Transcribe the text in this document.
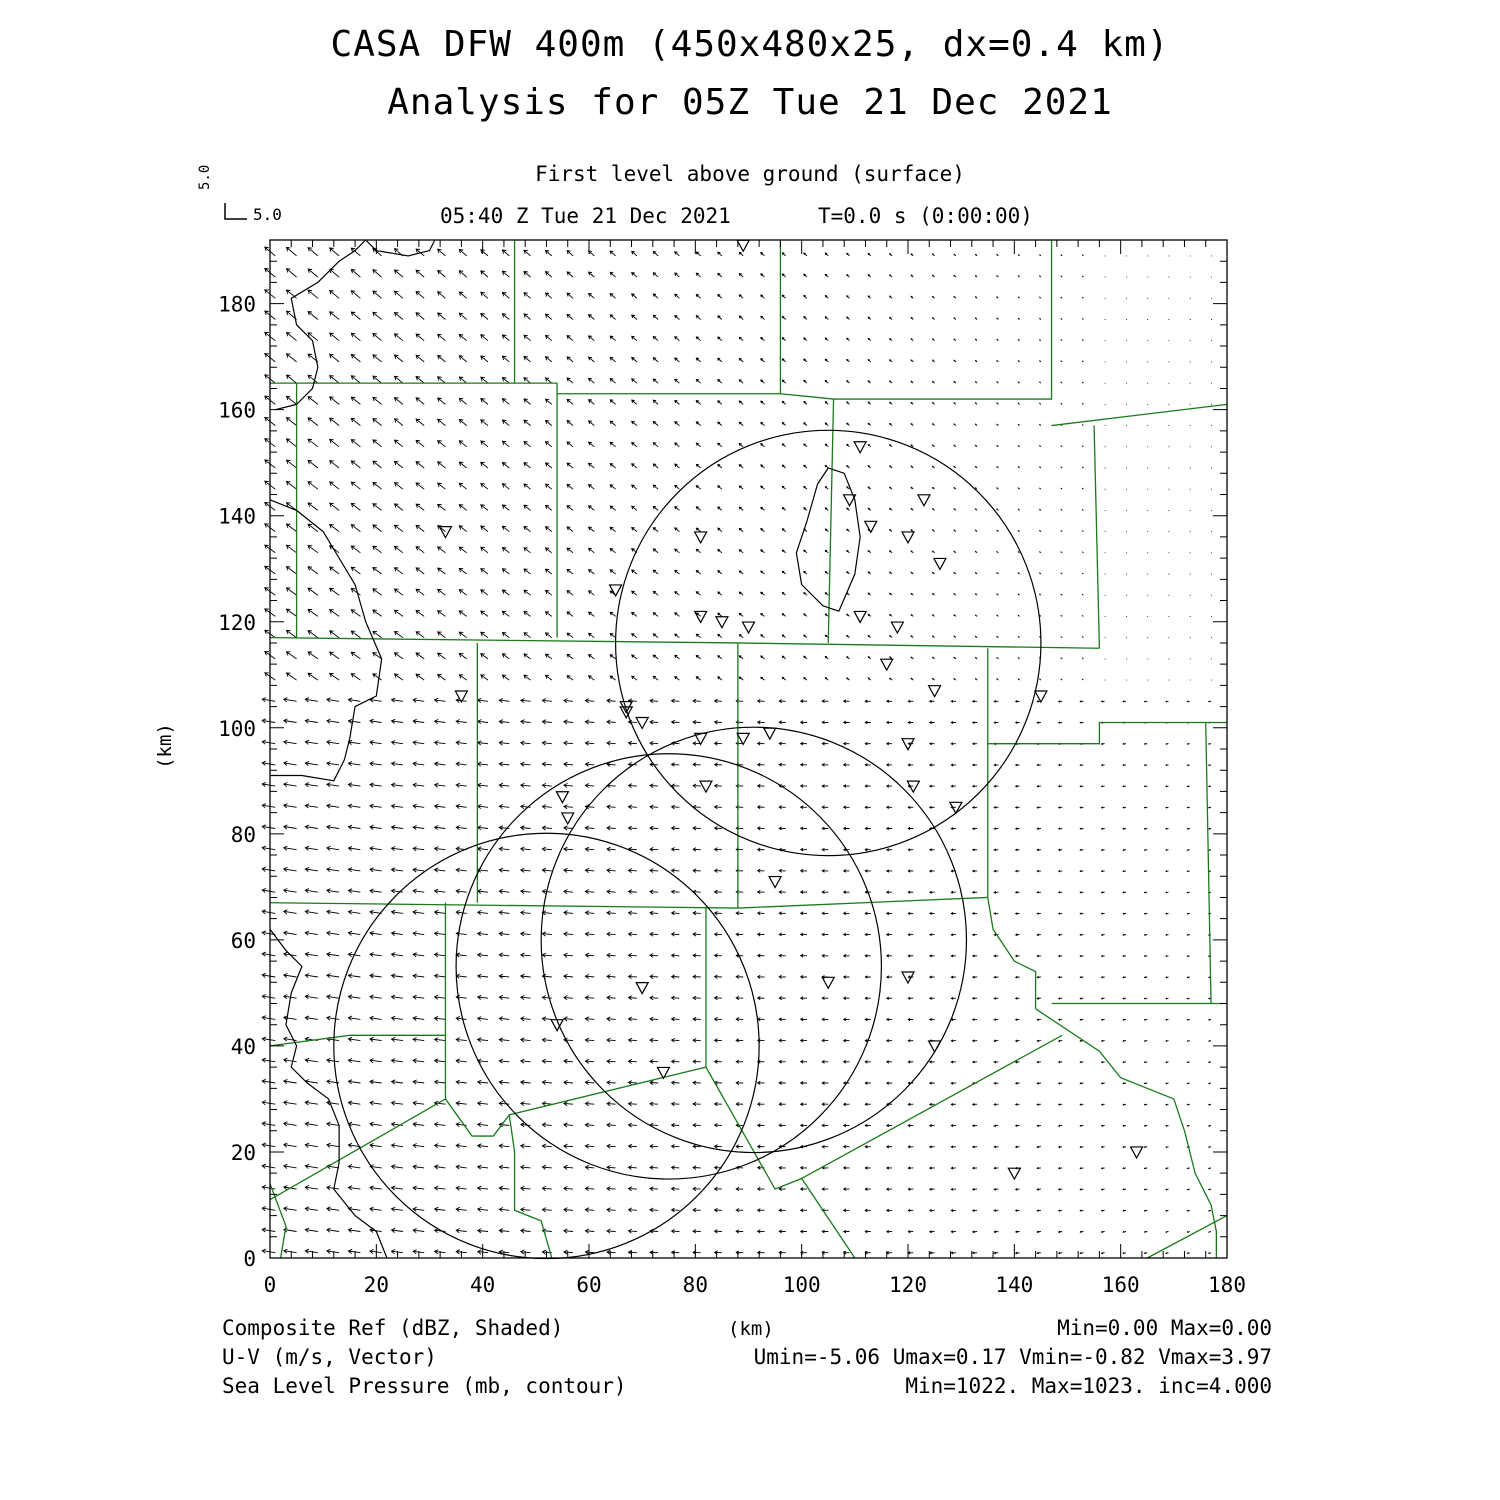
CASA DFW 400m (450x480x25, dx=0.4 km)
Analysis for 05Z Tue 21 Dec 2021
First level above ground (surface)
05:40 Z Tue 21 Dec 2021	T=0.0 s (0:00:00)
5.0
5.0
(km)
(km)
Composite Ref (dBZ, Shaded)
U-V (m/s, Vector)
Sea Level Pressure (mb, contour)
Min=0.00 Max=0.00
Umin=-5.06 Umax=0.17 Vmin=-0.82 Vmax=3.97
Min=1022. Max=1023. inc=4.000
0	20	40	60	80	100	120	140	160	180
0
20
40
60
80
100
120
140
160
180
